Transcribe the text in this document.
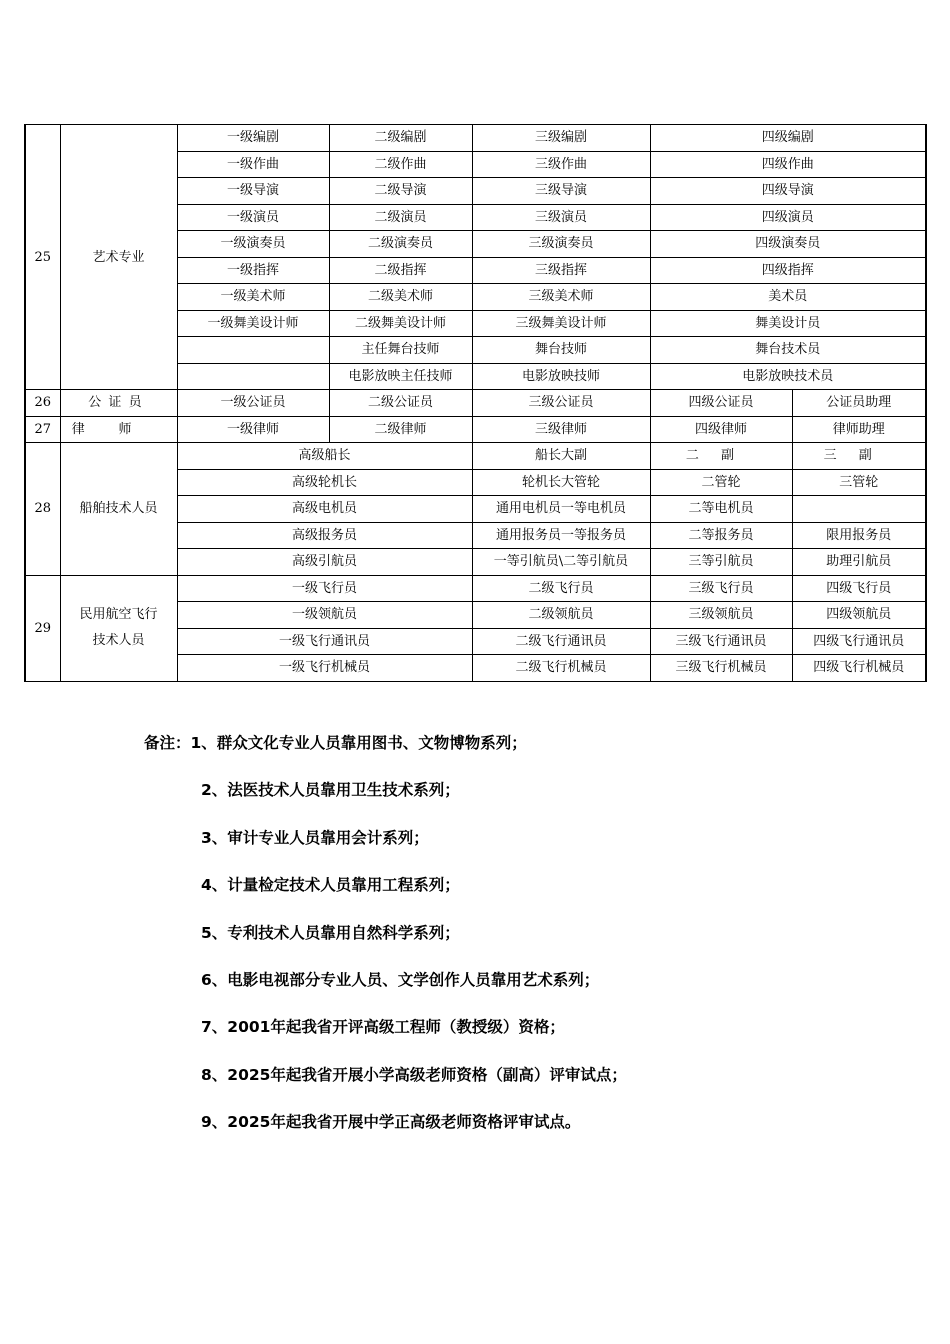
25	艺术专业	一级编剧	二级编剧	三级编剧	四级编剧	
		一级作曲	二级作曲	三级作曲	四级作曲	
		一级导演	二级导演	三级导演	四级导演	
		一级演员	二级演员	三级演员	四级演员	
		一级演奏员	二级演奏员	三级演奏员	四级演奏员	
		一级指挥	二级指挥	三级指挥	四级指挥	
		一级美术师	二级美术师	三级美术师	美术员	
		一级舞美设计师	二级舞美设计师	三级舞美设计师	舞美设计员	
			主任舞台技师	舞台技师	舞台技术员	
			电影放映主任技师	电影放映技师	电影放映技术员	
26	公证员	一级公证员	二级公证员	三级公证员	四级公证员	公证员助理
27	律师	一级律师	二级律师	三级律师	四级律师	律师助理
28	船舶技术人员	高级船长		船长大副	二副	三副
		高级轮机长		轮机长大管轮	二管轮	三管轮
		高级电机员		通用电机员一等电机员	二等电机员	
		高级报务员		通用报务员一等报务员	二等报务员	限用报务员
		高级引航员		一等引航员\二等引航员	三等引航员	助理引航员
29	民用航空飞行
技术人员	一级飞行员		二级飞行员	三级飞行员	四级飞行员
		一级领航员		二级领航员	三级领航员	四级领航员
		一级飞行通讯员		二级飞行通讯员	三级飞行通讯员	四级飞行通讯员
		一级飞行机械员		二级飞行机械员	三级飞行机械员	四级飞行机械员
备注：1、群众文化专业人员靠用图书、文物博物系列；
2、法医技术人员靠用卫生技术系列；
3、审计专业人员靠用会计系列；
4、计量检定技术人员靠用工程系列；
5、专利技术人员靠用自然科学系列；
6、电影电视部分专业人员、文学创作人员靠用艺术系列；
7、2001年起我省开评高级工程师（教授级）资格；
8、2025年起我省开展小学高级老师资格（副高）评审试点；
9、2025年起我省开展中学正高级老师资格评审试点。
